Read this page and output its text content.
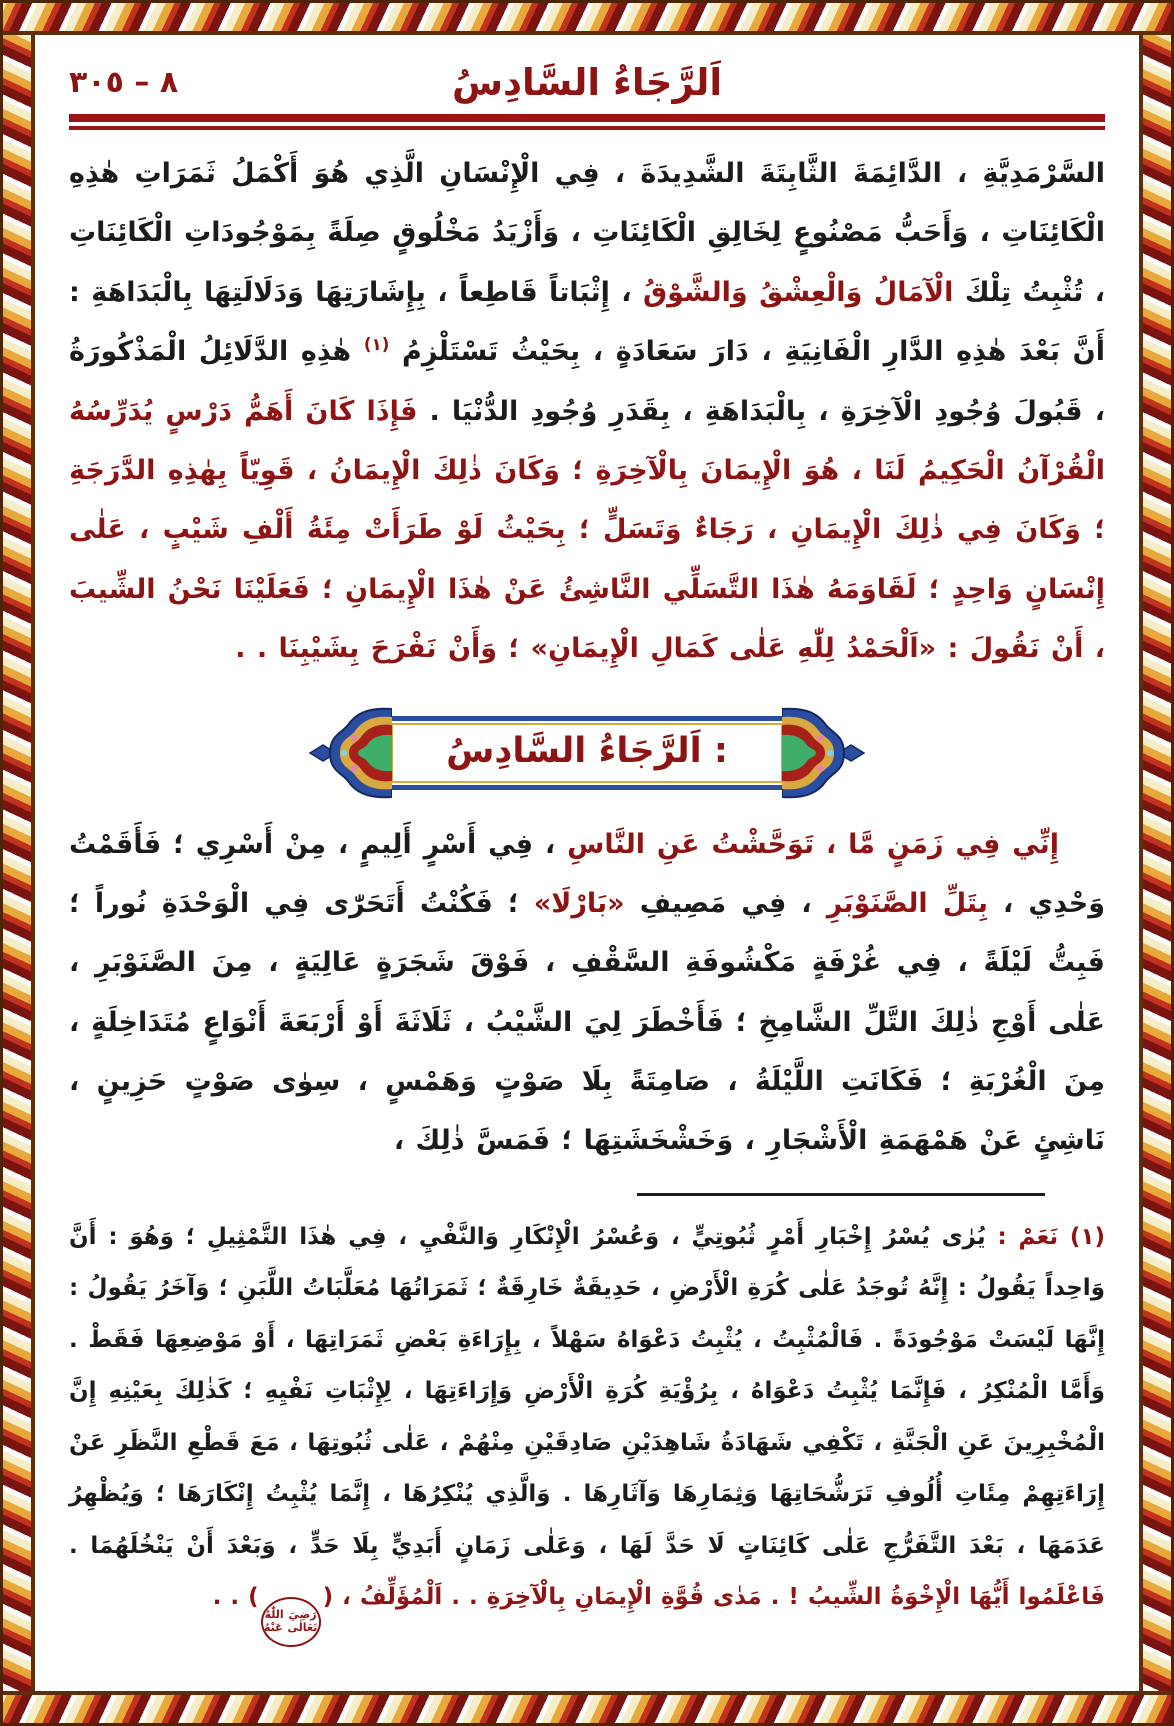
٨ – ٣٠٥	اَلرَّجَاءُ السَّادِسُ

السَّرْمَدِيَّةِ ، الدَّائِمَةَ الثَّابِتَةَ الشَّدِيدَةَ ، فِي الْإِنْسَانِ الَّذِي هُوَ أَكْمَلُ ثَمَرَاتِ هٰذِهِ الْكَائِنَاتِ ، وَأَحَبُّ مَصْنُوعٍ لِخَالِقِ الْكَائِنَاتِ ، وَأَزْيَدُ مَخْلُوقٍ صِلَةً بِمَوْجُودَاتِ الْكَائِنَاتِ ، تُثْبِتُ تِلْكَ الْآمَالُ وَالْعِشْقُ وَالشَّوْقُ ، إِثْبَاتاً قَاطِعاً ، بِإِشَارَتِهَا وَدَلَالَتِهَا بِالْبَدَاهَةِ : أَنَّ بَعْدَ هٰذِهِ الدَّارِ الْفَانِيَةِ ، دَارَ سَعَادَةٍ ، بِحَيْثُ تَسْتَلْزِمُ $^{(١)}$ هٰذِهِ الدَّلَائِلُ الْمَذْكُورَةُ ، قَبُولَ وُجُودِ الْآخِرَةِ ، بِالْبَدَاهَةِ ، بِقَدَرِ وُجُودِ الدُّنْيَا . فَإِذَا كَانَ أَهَمُّ دَرْسٍ يُدَرِّسُهُ الْقُرْآنُ الْحَكِيمُ لَنَا ، هُوَ الْإِيمَانَ بِالْآخِرَةِ ؛ وَكَانَ ذٰلِكَ الْإِيمَانُ ، قَوِيّاً بِهٰذِهِ الدَّرَجَةِ ؛ وَكَانَ فِي ذٰلِكَ الْإِيمَانِ ، رَجَاءٌ وَتَسَلٍّ ؛ بِحَيْثُ لَوْ طَرَأَتْ مِئَةُ أَلْفِ شَيْبٍ ، عَلٰى إِنْسَانٍ وَاحِدٍ ؛ لَقَاوَمَهُ هٰذَا التَّسَلِّي النَّاشِئُ عَنْ هٰذَا الْإِيمَانِ ؛ فَعَلَيْنَا نَحْنُ الشِّيبَ ، أَنْ نَقُولَ : «اَلْحَمْدُ لِلّٰهِ عَلٰى كَمَالِ الْإِيمَانِ» ؛ وَأَنْ نَفْرَحَ بِشَيْبِنَا . .

اَلرَّجَاءُ السَّادِسُ :

إِنِّي فِي زَمَنٍ مَّا ، تَوَحَّشْتُ عَنِ النَّاسِ ، فِي أَسْرٍ أَلِيمٍ ، مِنْ أَسْرِي ؛ فَأَقَمْتُ وَحْدِي ، بِتَلِّ الصَّنَوْبَرِ ، فِي مَصِيفِ «بَارْلَا» ؛ فَكُنْتُ أَتَحَرّٰى فِي الْوَحْدَةِ نُوراً ؛ فَبِتُّ لَيْلَةً ، فِي غُرْفَةٍ مَكْشُوفَةِ السَّقْفِ ، فَوْقَ شَجَرَةٍ عَالِيَةٍ ، مِنَ الصَّنَوْبَرِ ، عَلٰى أَوْجِ ذٰلِكَ التَّلِّ الشَّامِخِ ؛ فَأَخْطَرَ لِيَ الشَّيْبُ ، ثَلَاثَةَ أَوْ أَرْبَعَةَ أَنْوَاعٍ مُتَدَاخِلَةٍ ، مِنَ الْغُرْبَةِ ؛ فَكَانَتِ اللَّيْلَةُ ، صَامِتَةً بِلَا صَوْتٍ وَهَمْسٍ ، سِوٰى صَوْتٍ حَزِينٍ ، نَاشِئٍ عَنْ هَمْهَمَةِ الْأَشْجَارِ ، وَخَشْخَشَتِهَا ؛ فَمَسَّ ذٰلِكَ ،

(١) نَعَمْ : يُرٰى يُسْرُ إِخْبَارِ أَمْرٍ ثُبُوتِيٍّ ، وَعُسْرُ الْإِنْكَارِ وَالنَّفْيِ ، فِي هٰذَا التَّمْثِيلِ ؛ وَهُوَ : أَنَّ وَاحِداً يَقُولُ : إِنَّهُ تُوجَدُ عَلٰى كُرَةِ الْأَرْضِ ، حَدِيقَةٌ خَارِقَةٌ ؛ ثَمَرَاتُهَا مُعَلَّبَاتُ اللَّبَنِ ؛ وَآخَرُ يَقُولُ : إِنَّهَا لَيْسَتْ مَوْجُودَةً . فَالْمُثْبِتُ ، يُثْبِتُ دَعْوَاهُ سَهْلاً ، بِإِرَاءَةِ بَعْضِ ثَمَرَاتِهَا ، أَوْ مَوْضِعِهَا فَقَطْ . وَأَمَّا الْمُنْكِرُ ، فَإِنَّمَا يُثْبِتُ دَعْوَاهُ ، بِرُؤْيَةِ كُرَةِ الْأَرْضِ وَإِرَاءَتِهَا ، لِإِثْبَاتِ نَفْيِهِ ؛ كَذٰلِكَ بِعَيْنِهِ إِنَّ الْمُخْبِرِينَ عَنِ الْجَنَّةِ ، تَكْفِي شَهَادَةُ شَاهِدَيْنِ صَادِقَيْنِ مِنْهُمْ ، عَلٰى ثُبُوتِهَا ، مَعَ قَطْعِ النَّظَرِ عَنْ إِرَاءَتِهِمْ مِئَاتِ أُلُوفِ تَرَشُّحَاتِهَا وَثِمَارِهَا وَآثَارِهَا . وَالَّذِي يُنْكِرُهَا ، إِنَّمَا يُثْبِتُ إِنْكَارَهَا ؛ وَيُظْهِرُ عَدَمَهَا ، بَعْدَ التَّفَرُّجِ عَلٰى كَائِنَاتٍ لَا حَدَّ لَهَا ، وَعَلٰى زَمَانٍ أَبَدِيٍّ بِلَا حَدٍّ ، وَبَعْدَ أَنْ يَنْخُلَهُمَا . فَاعْلَمُوا أَيُّهَا الْإِخْوَةُ الشِّيبُ ! . مَدٰى قُوَّةِ الْإِيمَانِ بِالْآخِرَةِ . . اَلْمُؤَلِّفُ ، (
رَضِيَ اللّٰهُ
تَعَالٰى عَنْهُ
) . .
